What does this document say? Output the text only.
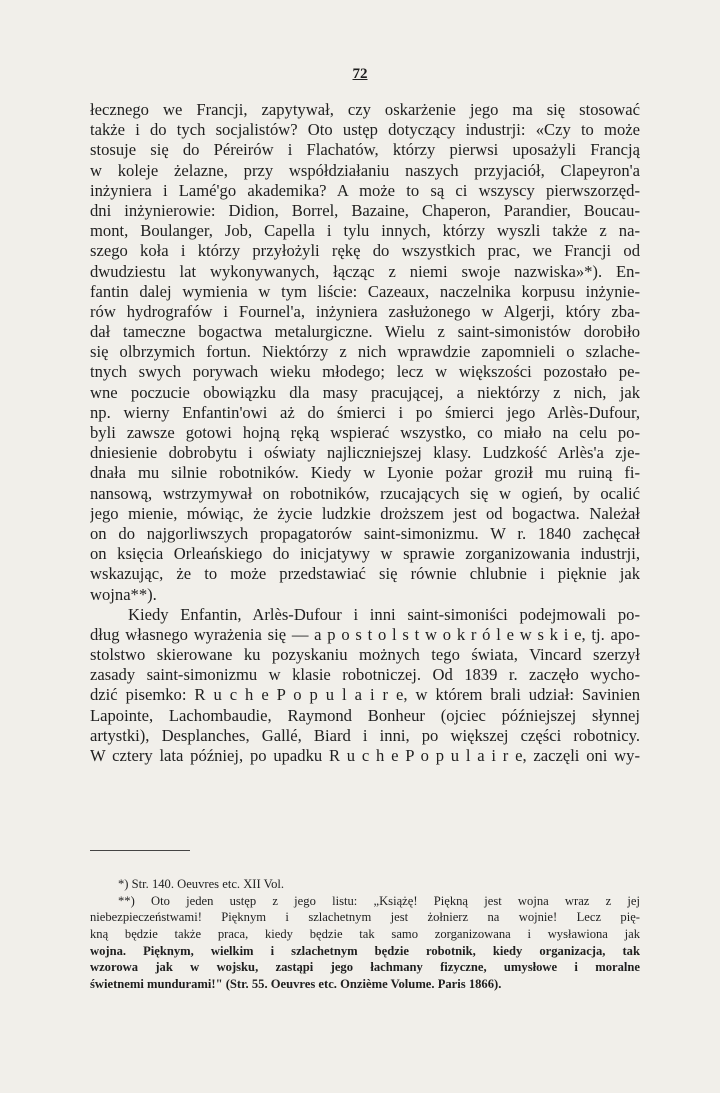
72
łecznego we Francji, zapytywał, czy oskarżenie jego ma się stosować
także i do tych socjalistów? Oto ustęp dotyczący industrji: «Czy to może
stosuje się do Péreirów i Flachatów, którzy pierwsi uposażyli Francją
w koleje żelazne, przy współdziałaniu naszych przyjaciół, Clapeyron'a
inżyniera i Lamé'go akademika? A może to są ci wszyscy pierwszorzęd-
dni inżynierowie: Didion, Borrel, Bazaine, Chaperon, Parandier, Boucau-
mont, Boulanger, Job, Capella i tylu innych, którzy wyszli także z na-
szego koła i którzy przyłożyli rękę do wszystkich prac, we Francji od
dwudziestu lat wykonywanych, łącząc z niemi swoje nazwiska»*). En-
fantin dalej wymienia w tym liście: Cazeaux, naczelnika korpusu inżynie-
rów hydrografów i Fournel'a, inżyniera zasłużonego w Algerji, który zba-
dał tameczne bogactwa metalurgiczne. Wielu z saint-simonistów dorobiło
się olbrzymich fortun. Niektórzy z nich wprawdzie zapomnieli o szlache-
tnych swych porywach wieku młodego; lecz w większości pozostało pe-
wne poczucie obowiązku dla masy pracującej, a niektórzy z nich, jak
np. wierny Enfantin'owi aż do śmierci i po śmierci jego Arlès-Dufour,
byli zawsze gotowi hojną ręką wspierać wszystko, co miało na celu po-
dniesienie dobrobytu i oświaty najliczniejszej klasy. Ludzkość Arlès'a zje-
dnała mu silnie robotników. Kiedy w Lyonie pożar groził mu ruiną fi-
nansową, wstrzymywał on robotników, rzucających się w ogień, by ocalić
jego mienie, mówiąc, że życie ludzkie droższem jest od bogactwa. Należał
on do najgorliwszych propagatorów saint-simonizmu. W r. 1840 zachęcał
on księcia Orleańskiego do inicjatywy w sprawie zorganizowania industrji,
wskazując, że to może przedstawiać się równie chlubnie i pięknie jak
wojna**).
Kiedy Enfantin, Arlès-Dufour i inni saint-simoniści podejmowali po-
dług własnego wyrażenia się — a p o s t o l s t w o k r ó l e w s k i e, tj. apo-
stolstwo skierowane ku pozyskaniu możnych tego świata, Vincard szerzył
zasady saint-simonizmu w klasie robotniczej. Od 1839 r. zaczęło wycho-
dzić pisemko: R u c h e P o p u l a i r e, w którem brali udział: Savinien
Lapointe, Lachombaudie, Raymond Bonheur (ojciec późniejszej słynnej
artystki), Desplanches, Gallé, Biard i inni, po większej części robotnicy.
W cztery lata później, po upadku R u c h e P o p u l a i r e, zaczęli oni wy-
*) Str. 140. Oeuvres etc. XII Vol.
**) Oto jeden ustęp z jego listu: „Książę! Piękną jest wojna wraz z jej
niebezpieczeństwami! Pięknym i szlachetnym jest żołnierz na wojnie! Lecz pię-
kną będzie także praca, kiedy będzie tak samo zorganizowana i wysławiona jak
wojna. Pięknym, wielkim i szlachetnym będzie robotnik, kiedy organizacja, tak
wzorowa jak w wojsku, zastąpi jego łachmany fizyczne, umysłowe i moralne
świetnemi mundurami!" (Str. 55. Oeuvres etc. Onzième Volume. Paris 1866).
